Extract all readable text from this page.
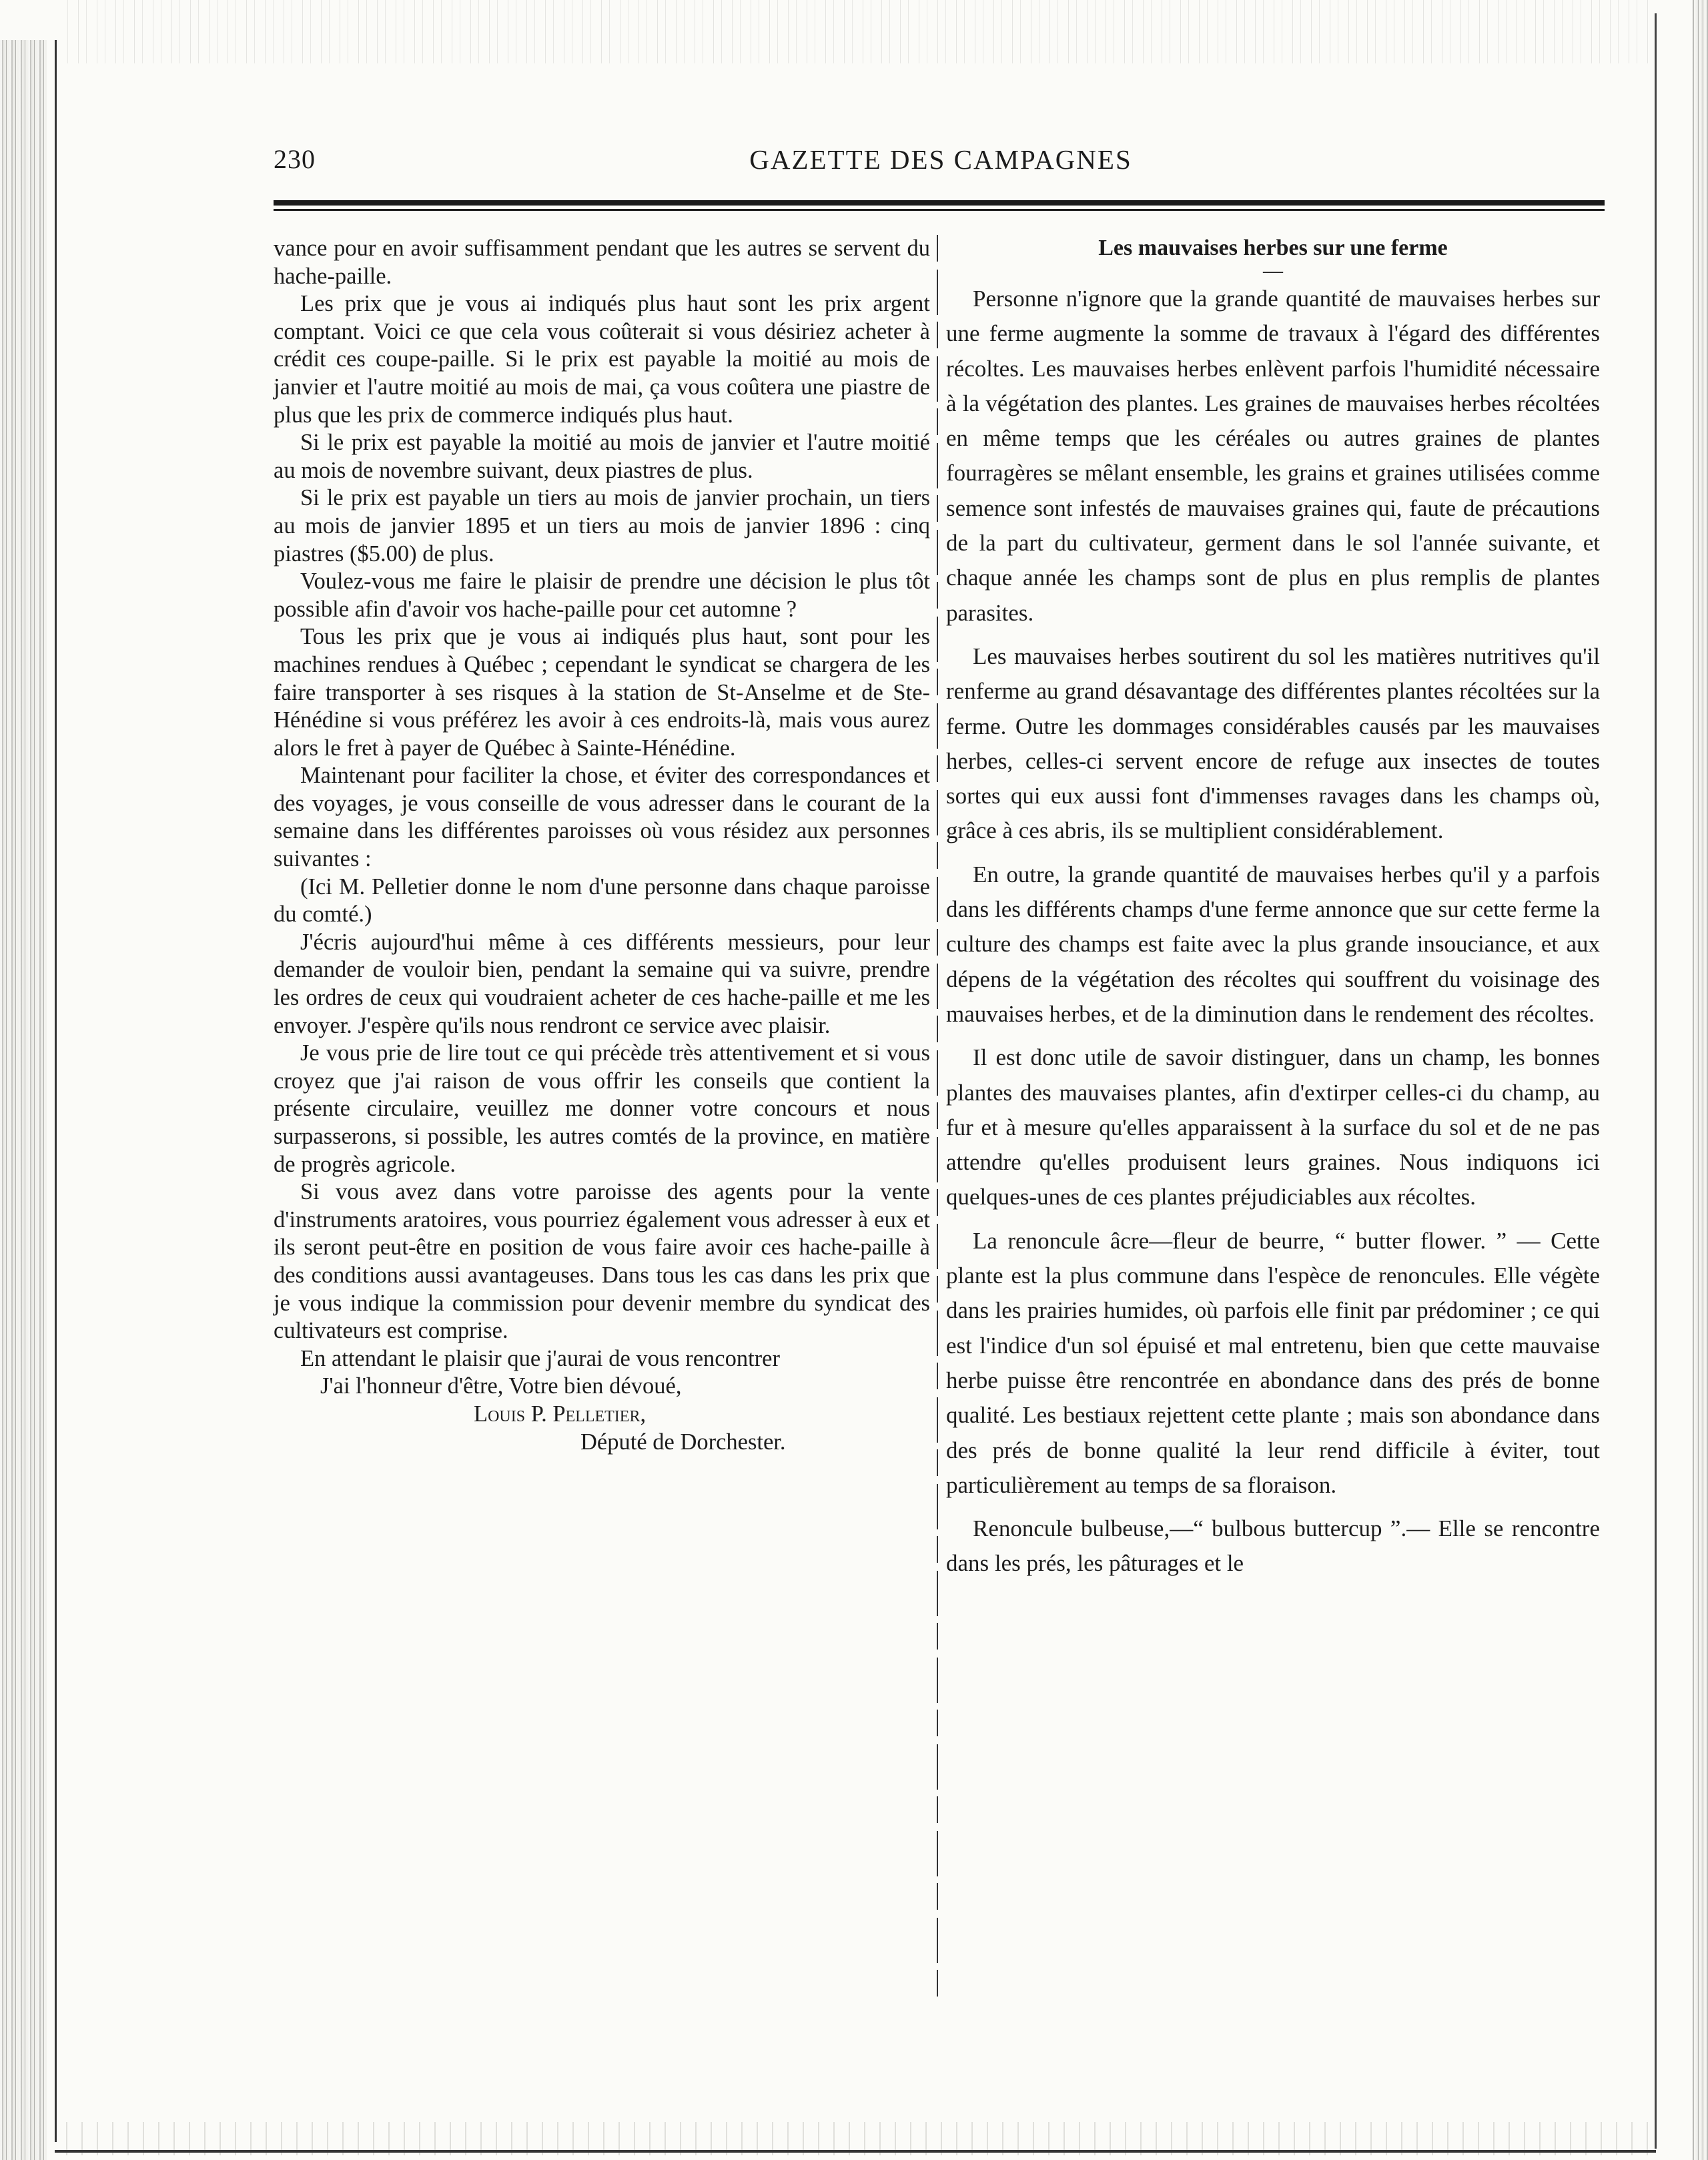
230	GAZETTE DES CAMPAGNES

vance pour en avoir suffisamment pendant que les autres se servent du hache-paille.

Les prix que je vous ai indiqués plus haut sont les prix argent comptant. Voici ce que cela vous coûterait si vous désiriez acheter à crédit ces coupe-paille. Si le prix est payable la moitié au mois de janvier et l'autre moitié au mois de mai, ça vous coûtera une piastre de plus que les prix de commerce indiqués plus haut.

Si le prix est payable la moitié au mois de janvier et l'autre moitié au mois de novembre suivant, deux piastres de plus.

Si le prix est payable un tiers au mois de janvier prochain, un tiers au mois de janvier 1895 et un tiers au mois de janvier 1896 : cinq piastres ($5.00) de plus.

Voulez-vous me faire le plaisir de prendre une décision le plus tôt possible afin d'avoir vos hache-paille pour cet automne ?

Tous les prix que je vous ai indiqués plus haut, sont pour les machines rendues à Québec ; cependant le syndicat se chargera de les faire transporter à ses risques à la station de St-Anselme et de Ste-Hénédine si vous préférez les avoir à ces endroits-là, mais vous aurez alors le fret à payer de Québec à Sainte-Hénédine.

Maintenant pour faciliter la chose, et éviter des correspondances et des voyages, je vous conseille de vous adresser dans le courant de la semaine dans les différentes paroisses où vous résidez aux personnes suivantes :

(Ici M. Pelletier donne le nom d'une personne dans chaque paroisse du comté.)

J'écris aujourd'hui même à ces différents messieurs, pour leur demander de vouloir bien, pendant la semaine qui va suivre, prendre les ordres de ceux qui voudraient acheter de ces hache-paille et me les envoyer. J'espère qu'ils nous rendront ce service avec plaisir.

Je vous prie de lire tout ce qui précède très attentivement et si vous croyez que j'ai raison de vous offrir les conseils que contient la présente circulaire, veuillez me donner votre concours et nous surpasserons, si possible, les autres comtés de la province, en matière de progrès agricole.

Si vous avez dans votre paroisse des agents pour la vente d'instruments aratoires, vous pourriez également vous adresser à eux et ils seront peut-être en position de vous faire avoir ces hache-paille à des conditions aussi avantageuses. Dans tous les cas dans les prix que je vous indique la commission pour devenir membre du syndicat des cultivateurs est comprise.

En attendant le plaisir que j'aurai de vous rencontrer

J'ai l'honneur d'être, Votre bien dévoué,

Louis P. Pelletier,

Député de Dorchester.

Les mauvaises herbes sur une ferme
—

Personne n'ignore que la grande quantité de mauvaises herbes sur une ferme augmente la somme de travaux à l'égard des différentes récoltes. Les mauvaises herbes enlèvent parfois l'humidité nécessaire à la végétation des plantes. Les graines de mauvaises herbes récoltées en même temps que les céréales ou autres graines de plantes fourragères se mêlant ensemble, les grains et graines utilisées comme semence sont infestés de mauvaises graines qui, faute de précautions de la part du cultivateur, germent dans le sol l'année suivante, et chaque année les champs sont de plus en plus remplis de plantes parasites.

Les mauvaises herbes soutirent du sol les matières nutritives qu'il renferme au grand désavantage des différentes plantes récoltées sur la ferme. Outre les dommages considérables causés par les mauvaises herbes, celles-ci servent encore de refuge aux insectes de toutes sortes qui eux aussi font d'immenses ravages dans les champs où, grâce à ces abris, ils se multiplient considérablement.

En outre, la grande quantité de mauvaises herbes qu'il y a parfois dans les différents champs d'une ferme annonce que sur cette ferme la culture des champs est faite avec la plus grande insouciance, et aux dépens de la végétation des récoltes qui souffrent du voisinage des mauvaises herbes, et de la diminution dans le rendement des récoltes.

Il est donc utile de savoir distinguer, dans un champ, les bonnes plantes des mauvaises plantes, afin d'extirper celles-ci du champ, au fur et à mesure qu'elles apparaissent à la surface du sol et de ne pas attendre qu'elles produisent leurs graines. Nous indiquons ici quelques-unes de ces plantes préjudiciables aux récoltes.

La renoncule âcre—fleur de beurre, “ butter flower. ” — Cette plante est la plus commune dans l'espèce de renoncules. Elle végète dans les prairies humides, où parfois elle finit par prédominer ; ce qui est l'indice d'un sol épuisé et mal entretenu, bien que cette mauvaise herbe puisse être rencontrée en abondance dans des prés de bonne qualité. Les bestiaux rejettent cette plante ; mais son abondance dans des prés de bonne qualité la leur rend difficile à éviter, tout particulièrement au temps de sa floraison.

Renoncule bulbeuse,—“ bulbous buttercup ”.— Elle se rencontre dans les prés, les pâturages et le
